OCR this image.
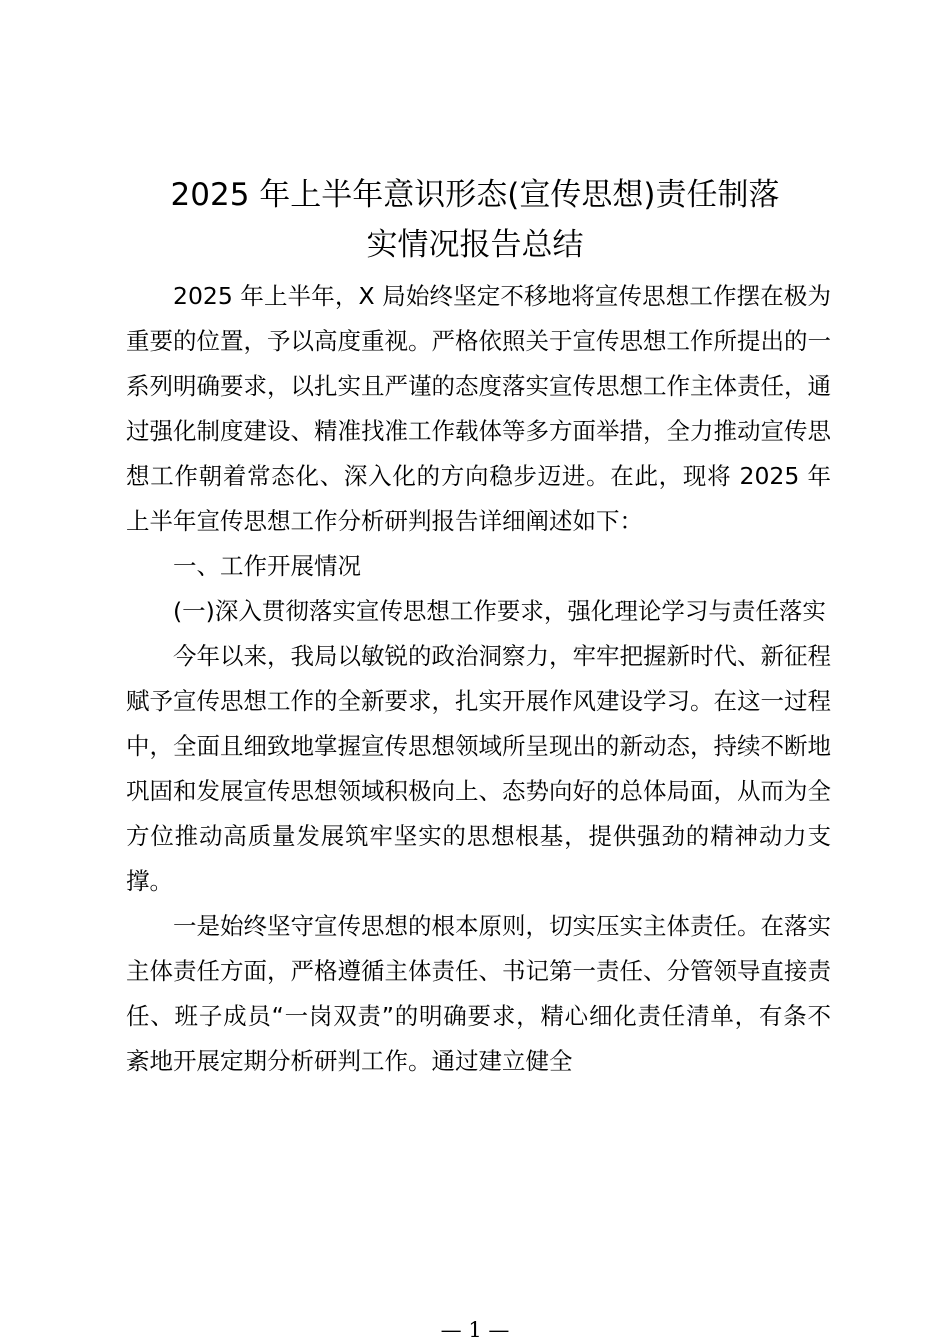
2025 年上半年意识形态(宣传思想)责任制落
实情况报告总结

2025 年上半年，X 局始终坚定不移地将宣传思想工作摆在极为重要的位置，予以高度重视。严格依照关于宣传思想工作所提出的一系列明确要求，以扎实且严谨的态度落实宣传思想工作主体责任，通过强化制度建设、精准找准工作载体等多方面举措，全力推动宣传思想工作朝着常态化、深入化的方向稳步迈进。在此，现将 2025 年上半年宣传思想工作分析研判报告详细阐述如下：

一、工作开展情况

(一)深入贯彻落实宣传思想工作要求，强化理论学习与责任落实

今年以来，我局以敏锐的政治洞察力，牢牢把握新时代、新征程赋予宣传思想工作的全新要求，扎实开展作风建设学习。在这一过程中，全面且细致地掌握宣传思想领域所呈现出的新动态，持续不断地巩固和发展宣传思想领域积极向上、态势向好的总体局面，从而为全方位推动高质量发展筑牢坚实的思想根基，提供强劲的精神动力支撑。

一是始终坚守宣传思想的根本原则，切实压实主体责任。在落实主体责任方面，严格遵循主体责任、书记第一责任、分管领导直接责任、班子成员“一岗双责”的明确要求，精心细化责任清单，有条不紊地开展定期分析研判工作。通过建立健全

— 1 —
